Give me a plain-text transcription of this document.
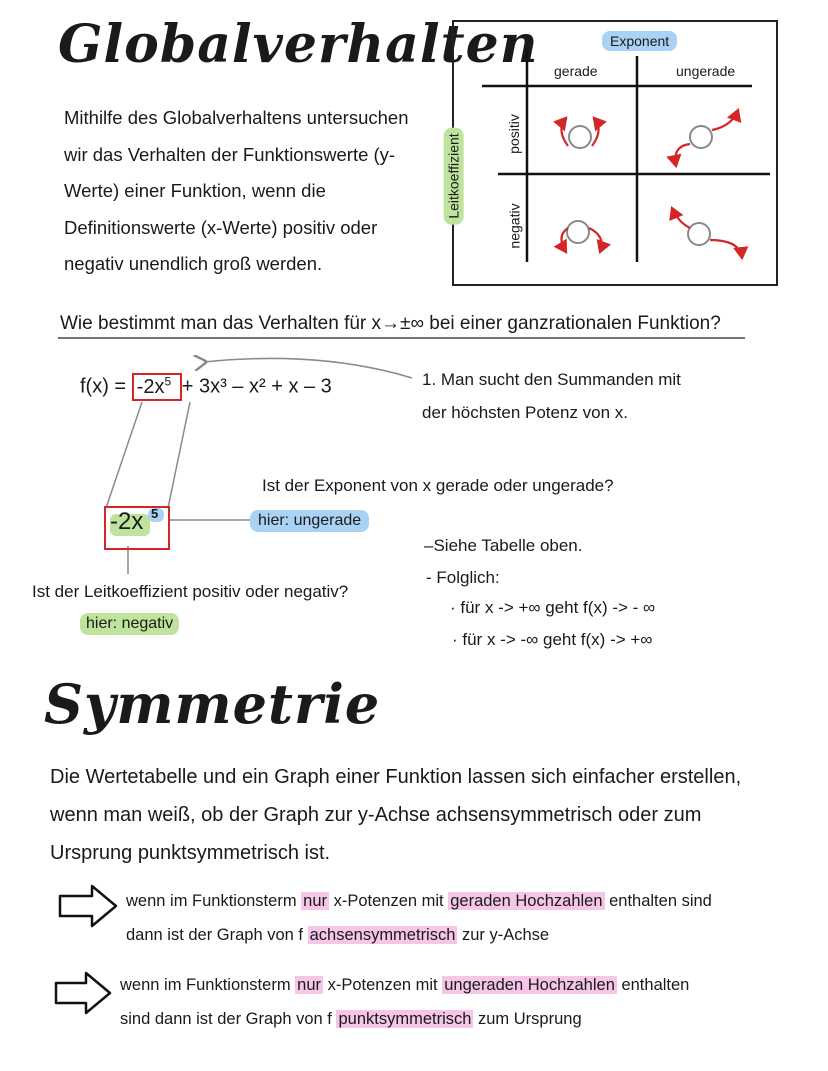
Globalverhalten
Mithilfe des Globalverhaltens untersuchen wir das Verhalten der Funktionswerte (y-Werte) einer Funktion, wenn die Definitionswerte (x-Werte) positiv oder negativ unendlich groß werden.
Exponent
gerade	ungerade
Leitkoeffizient	positiv
negativ
Wie bestimmt man das Verhalten für x→±∞ bei einer ganzrationalen Funktion?
$f(x) = -2x^5 + 3x^3 - x^2 + x - 3$	1. Man sucht den Summanden mit
der höchsten Potenz von x.
Ist der Exponent von x gerade oder ungerade?
-2x 5	hier: ungerade
–Siehe Tabelle oben.
- Folglich:
· für x -> +∞ geht f(x) -> - ∞
· für x -> -∞ geht f(x) -> +∞
Ist der Leitkoeffizient positiv oder negativ?
hier: negativ
Symmetrie
Die Wertetabelle und ein Graph einer Funktion lassen sich einfacher erstellen, wenn man weiß, ob der Graph zur y-Achse achsensymmetrisch oder zum Ursprung punktsymmetrisch ist.
wenn im Funktionsterm nur x-Potenzen mit geraden Hochzahlen enthalten sind
dann ist der Graph von f achsensymmetrisch zur y-Achse
wenn im Funktionsterm nur x-Potenzen mit ungeraden Hochzahlen enthalten
sind dann ist der Graph von f punktsymmetrisch zum Ursprung
